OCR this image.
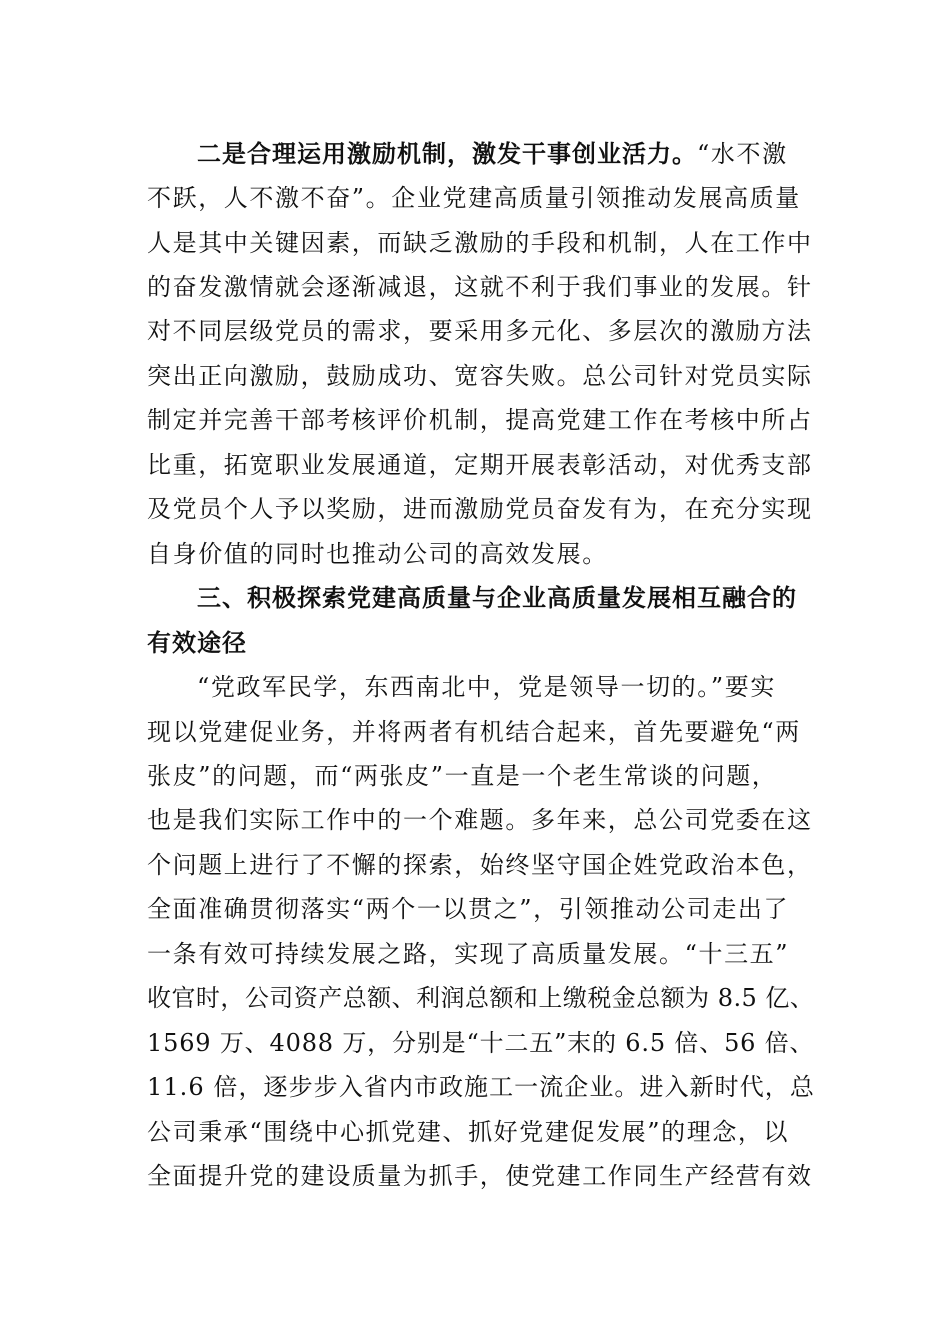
二是合理运用激励机制，激发干事创业活力。“水不激
不跃，人不激不奋”。企业党建高质量引领推动发展高质量
人是其中关键因素，而缺乏激励的手段和机制，人在工作中
的奋发激情就会逐渐减退，这就不利于我们事业的发展。针
对不同层级党员的需求，要采用多元化、多层次的激励方法
突出正向激励，鼓励成功、宽容失败。总公司针对党员实际
制定并完善干部考核评价机制，提高党建工作在考核中所占
比重，拓宽职业发展通道，定期开展表彰活动，对优秀支部
及党员个人予以奖励，进而激励党员奋发有为，在充分实现
自身价值的同时也推动公司的高效发展。
三、积极探索党建高质量与企业高质量发展相互融合的
有效途径
“党政军民学，东西南北中，党是领导一切的。”要实
现以党建促业务，并将两者有机结合起来，首先要避免“两
张皮”的问题，而“两张皮”一直是一个老生常谈的问题，
也是我们实际工作中的一个难题。多年来，总公司党委在这
个问题上进行了不懈的探索，始终坚守国企姓党政治本色，
全面准确贯彻落实“两个一以贯之”，引领推动公司走出了
一条有效可持续发展之路，实现了高质量发展。“十三五”
收官时，公司资产总额、利润总额和上缴税金总额为 8.5 亿、
1569 万、4088 万，分别是“十二五”末的 6.5 倍、56 倍、
11.6 倍，逐步步入省内市政施工一流企业。进入新时代，总
公司秉承“围绕中心抓党建、抓好党建促发展”的理念，以
全面提升党的建设质量为抓手，使党建工作同生产经营有效
